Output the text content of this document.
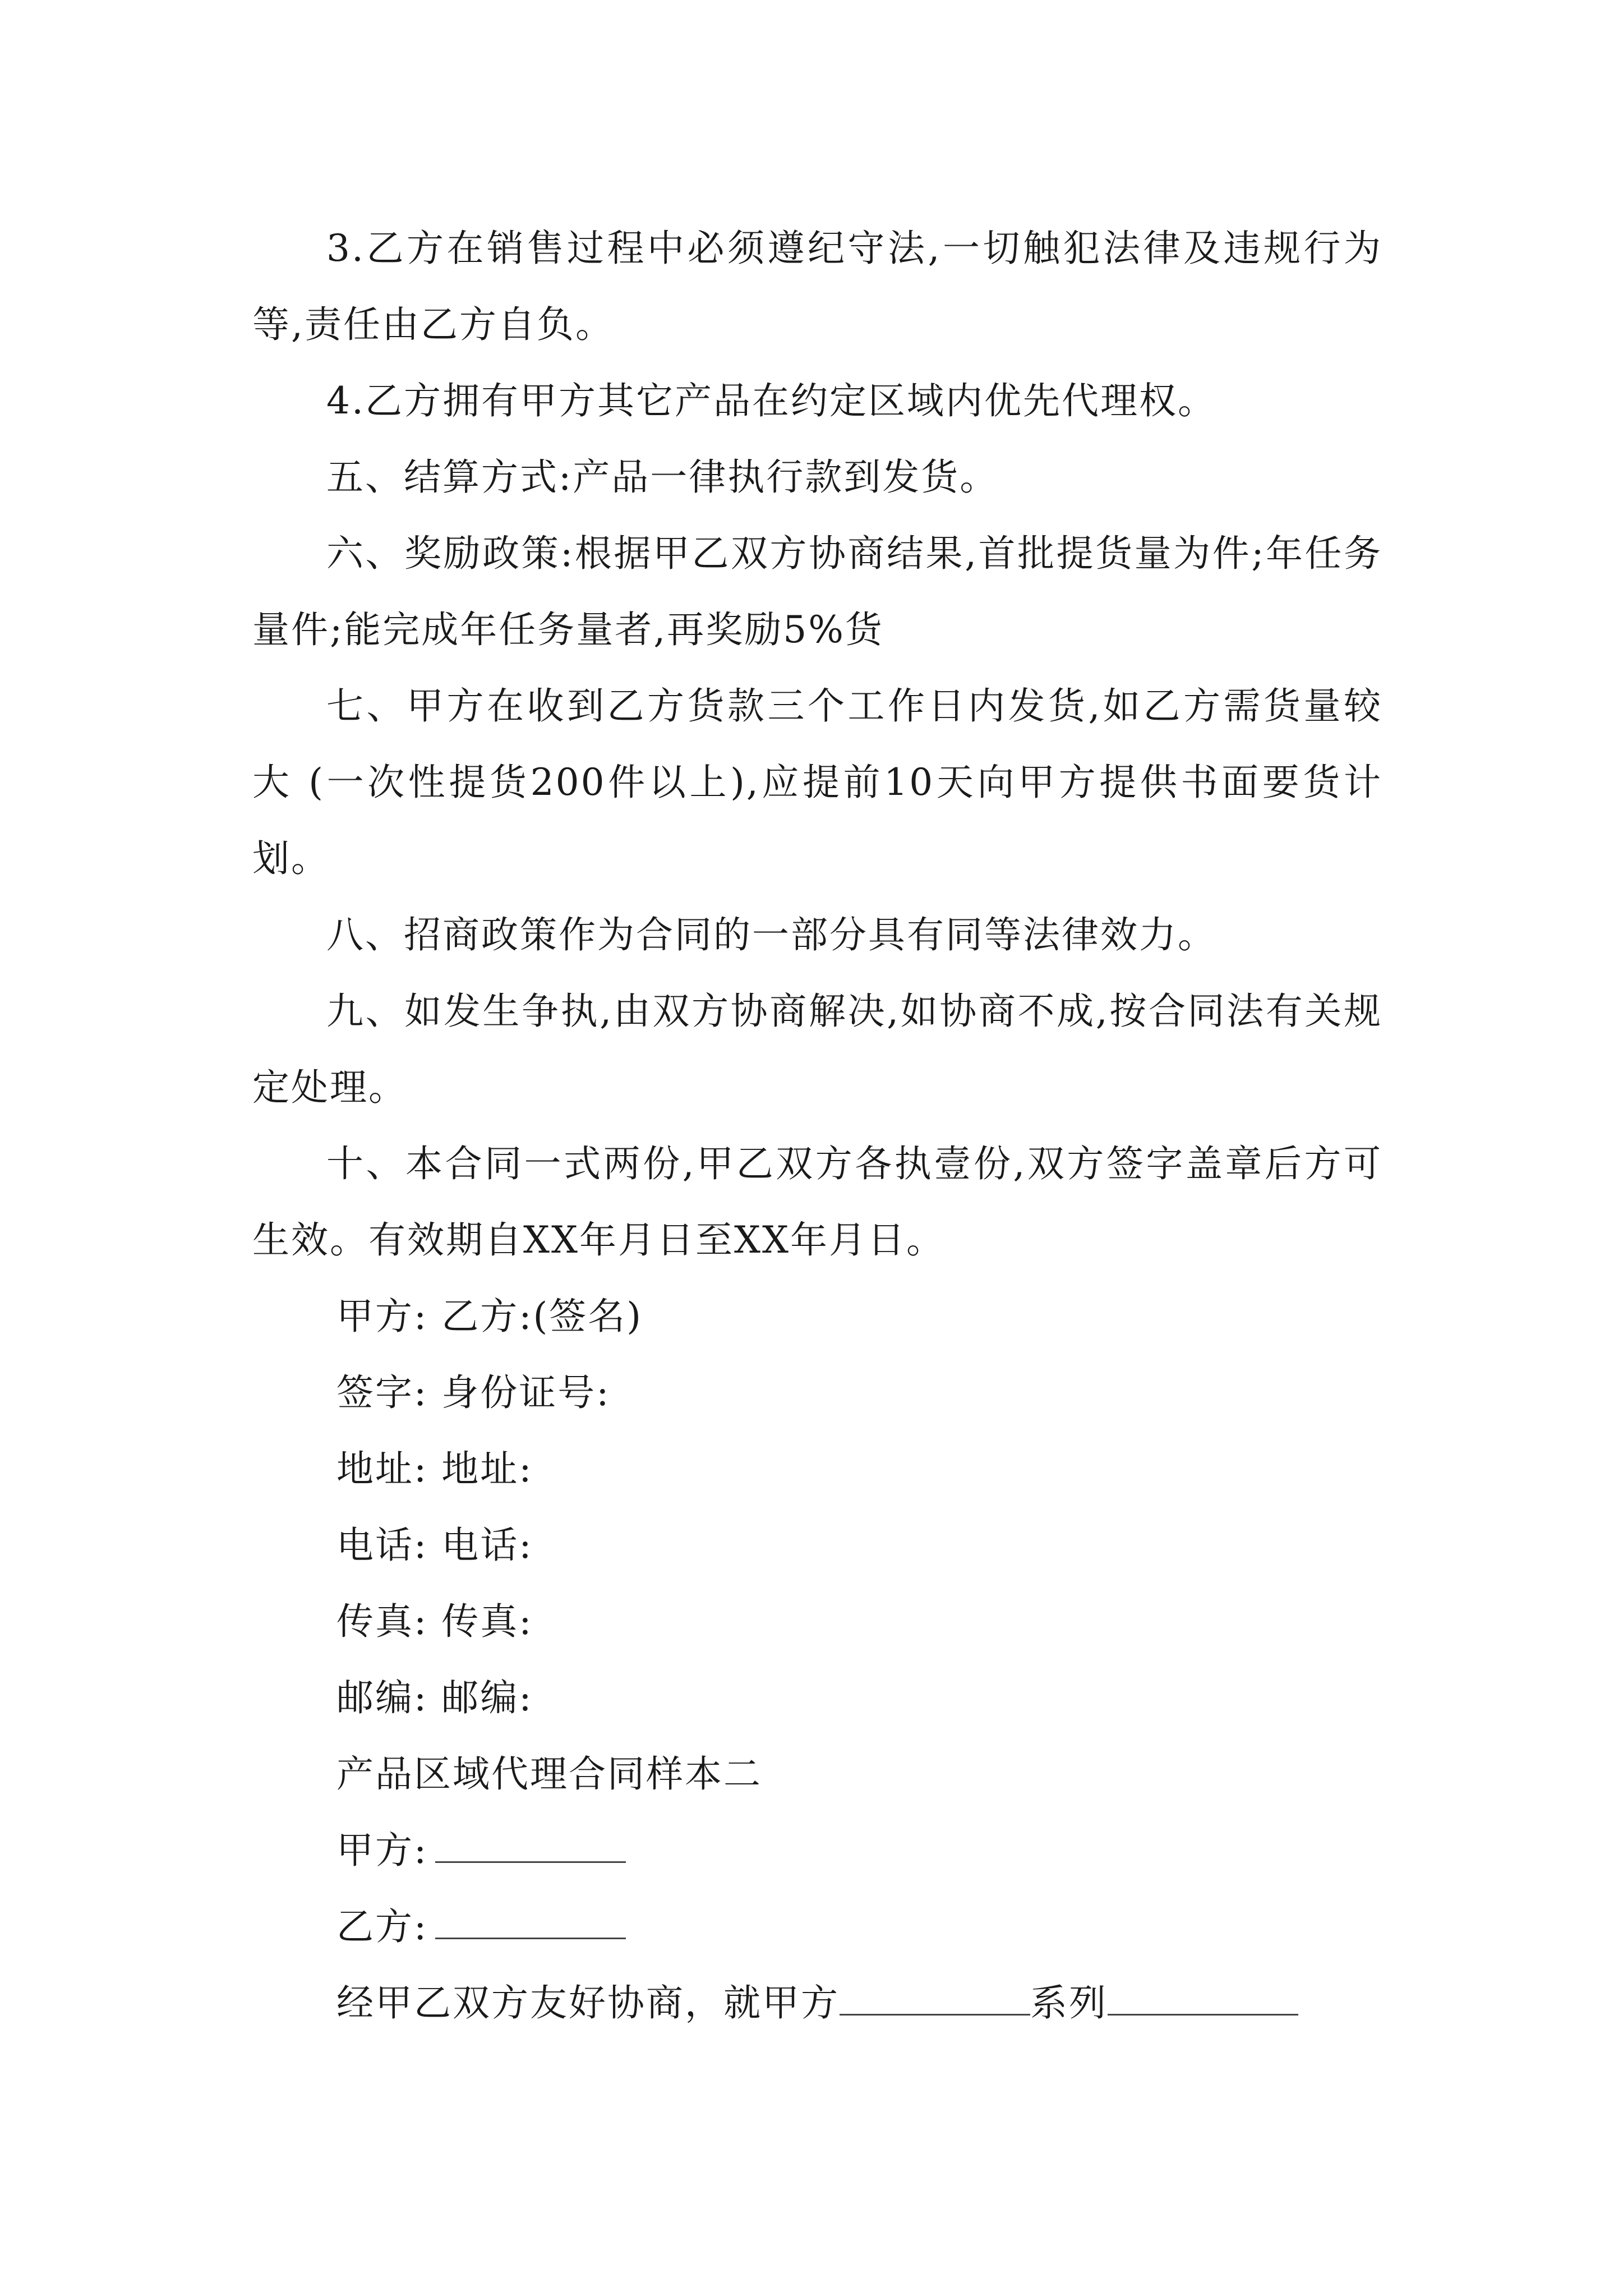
3.乙方在销售过程中必须遵纪守法,一切触犯法律及违规行为等,责任由乙方自负。

4.乙方拥有甲方其它产品在约定区域内优先代理权。

五、结算方式:产品一律执行款到发货。

六、奖励政策:根据甲乙双方协商结果,首批提货量为件;年任务量件;能完成年任务量者,再奖励5%货

七、甲方在收到乙方货款三个工作日内发货,如乙方需货量较大 (一次性提货200件以上),应提前10天向甲方提供书面要货计划。

八、招商政策作为合同的一部分具有同等法律效力。

九、如发生争执,由双方协商解决,如协商不成,按合同法有关规定处理。

十、本合同一式两份,甲乙双方各执壹份,双方签字盖章后方可生效。有效期自XX年月日至XX年月日。

甲方: 乙方:(签名)

签字: 身份证号:

地址: 地址:

电话: 电话:

传真: 传真:

邮编: 邮编:

产品区域代理合同样本二

甲方:

乙方:

经甲乙双方友好协商，就甲方	系列
